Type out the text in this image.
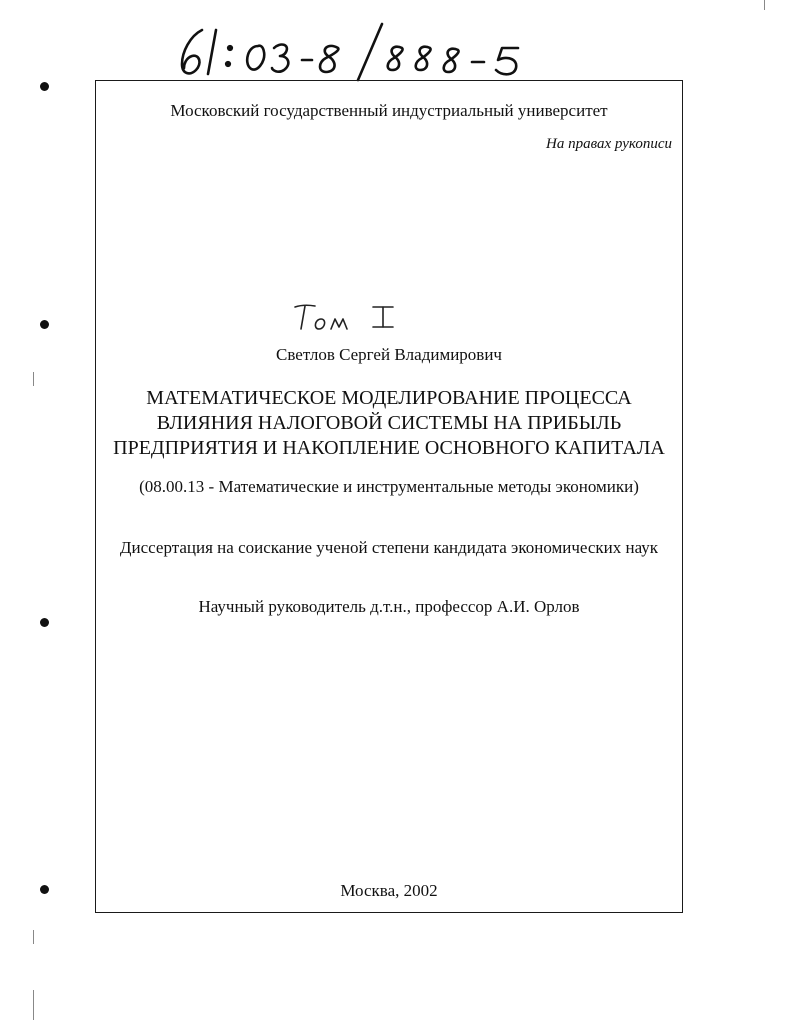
Московский государственный индустриальный университет
На правах рукописи
Светлов Сергей Владимирович
МАТЕМАТИЧЕСКОЕ МОДЕЛИРОВАНИЕ ПРОЦЕССА
ВЛИЯНИЯ НАЛОГОВОЙ СИСТЕМЫ НА ПРИБЫЛЬ
ПРЕДПРИЯТИЯ И НАКОПЛЕНИЕ ОСНОВНОГО КАПИТАЛА
(08.00.13 - Математические и инструментальные методы экономики)
Диссертация на соискание ученой степени кандидата экономических наук
Научный руководитель д.т.н., профессор А.И. Орлов
Москва, 2002
